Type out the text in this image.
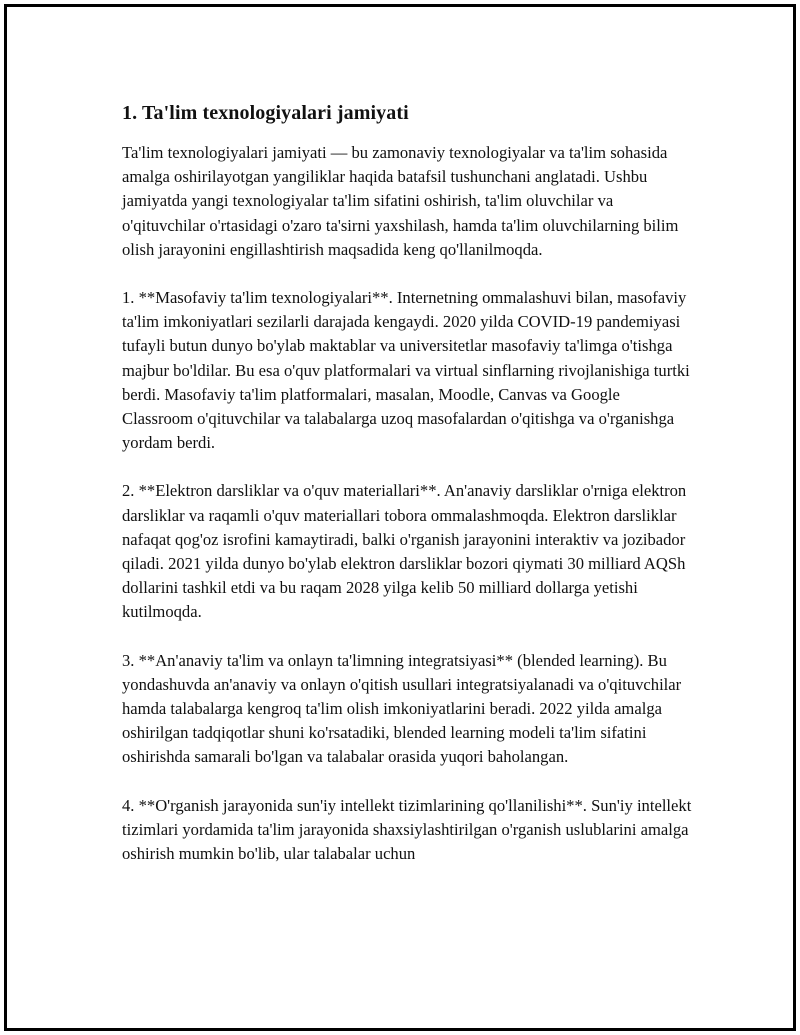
1. Ta'lim texnologiyalari jamiyati

Ta'lim texnologiyalari jamiyati — bu zamonaviy texnologiyalar va ta'lim sohasida amalga oshirilayotgan yangiliklar haqida batafsil tushunchani anglatadi. Ushbu jamiyatda yangi texnologiyalar ta'lim sifatini oshirish, ta'lim oluvchilar va o'qituvchilar o'rtasidagi o'zaro ta'sirni yaxshilash, hamda ta'lim oluvchilarning bilim olish jarayonini engillashtirish maqsadida keng qo'llanilmoqda.

1. **Masofaviy ta'lim texnologiyalari**. Internetning ommalashuvi bilan, masofaviy ta'lim imkoniyatlari sezilarli darajada kengaydi. 2020 yilda COVID-19 pandemiyasi tufayli butun dunyo bo'ylab maktablar va universitetlar masofaviy ta'limga o'tishga majbur bo'ldilar. Bu esa o'quv platformalari va virtual sinflarning rivojlanishiga turtki berdi. Masofaviy ta'lim platformalari, masalan, Moodle, Canvas va Google Classroom o'qituvchilar va talabalarga uzoq masofalardan o'qitishga va o'rganishga yordam berdi.

2. **Elektron darsliklar va o'quv materiallari**. An'anaviy darsliklar o'rniga elektron darsliklar va raqamli o'quv materiallari tobora ommalashmoqda. Elektron darsliklar nafaqat qog'oz isrofini kamaytiradi, balki o'rganish jarayonini interaktiv va jozibador qiladi. 2021 yilda dunyo bo'ylab elektron darsliklar bozori qiymati 30 milliard AQSh dollarini tashkil etdi va bu raqam 2028 yilga kelib 50 milliard dollarga yetishi kutilmoqda.

3. **An'anaviy ta'lim va onlayn ta'limning integratsiyasi** (blended learning). Bu yondashuvda an'anaviy va onlayn o'qitish usullari integratsiyalanadi va o'qituvchilar hamda talabalarga kengroq ta'lim olish imkoniyatlarini beradi. 2022 yilda amalga oshirilgan tadqiqotlar shuni ko'rsatadiki, blended learning modeli ta'lim sifatini oshirishda samarali bo'lgan va talabalar orasida yuqori baholangan.

4. **O'rganish jarayonida sun'iy intellekt tizimlarining qo'llanilishi**. Sun'iy intellekt tizimlari yordamida ta'lim jarayonida shaxsiylashtirilgan o'rganish uslublarini amalga oshirish mumkin bo'lib, ular talabalar uchun
